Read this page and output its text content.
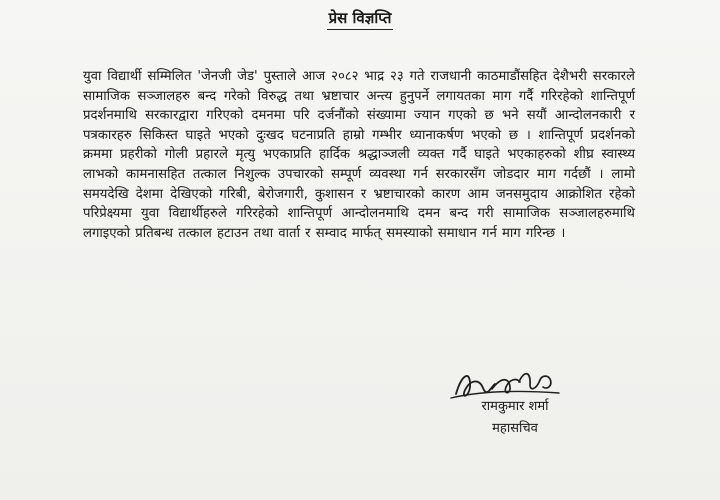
प्रेस विज्ञप्ति

युवा विद्यार्थी सम्मिलित 'जेनजी जेड' पुस्ताले आज २०८२ भाद्र २३ गते राजधानी काठमाडौंसहित देशैभरी सरकारले सामाजिक सञ्जालहरु बन्द गरेको विरुद्ध तथा भ्रष्टाचार अन्त्य हुनुपर्ने लगायतका माग गर्दै गरिरहेको शान्तिपूर्ण प्रदर्शनमाथि सरकारद्वारा गरिएको दमनमा परि दर्जनौंको संख्यामा ज्यान गएको छ भने सयौं आन्दोलनकारी र पत्रकारहरु सिकिस्त घाइते भएको दुःखद घटनाप्रति हाम्रो गम्भीर ध्यानाकर्षण भएको छ । शान्तिपूर्ण प्रदर्शनको क्रममा प्रहरीको गोली प्रहारले मृत्यु भएकाप्रति हार्दिक श्रद्धाञ्जली व्यक्त गर्दै घाइते भएकाहरुको शीघ्र स्वास्थ्य लाभको कामनासहित तत्काल निशुल्क उपचारको सम्पूर्ण व्यवस्था गर्न सरकारसँग जोडदार माग गर्दछौं । लामो समयदेखि देशमा देखिएको गरिबी, बेरोजगारी, कुशासन र भ्रष्टाचारको कारण आम जनसमुदाय आक्रोशित रहेको परिप्रेक्ष्यमा युवा विद्यार्थीहरुले गरिरहेको शान्तिपूर्ण आन्दोलनमाथि दमन बन्द गरी सामाजिक सञ्जालहरुमाथि लगाइएको प्रतिबन्ध तत्काल हटाउन तथा वार्ता र सम्वाद मार्फत् समस्याको समाधान गर्न माग गरिन्छ ।

रामकुमार शर्मा
महासचिव
